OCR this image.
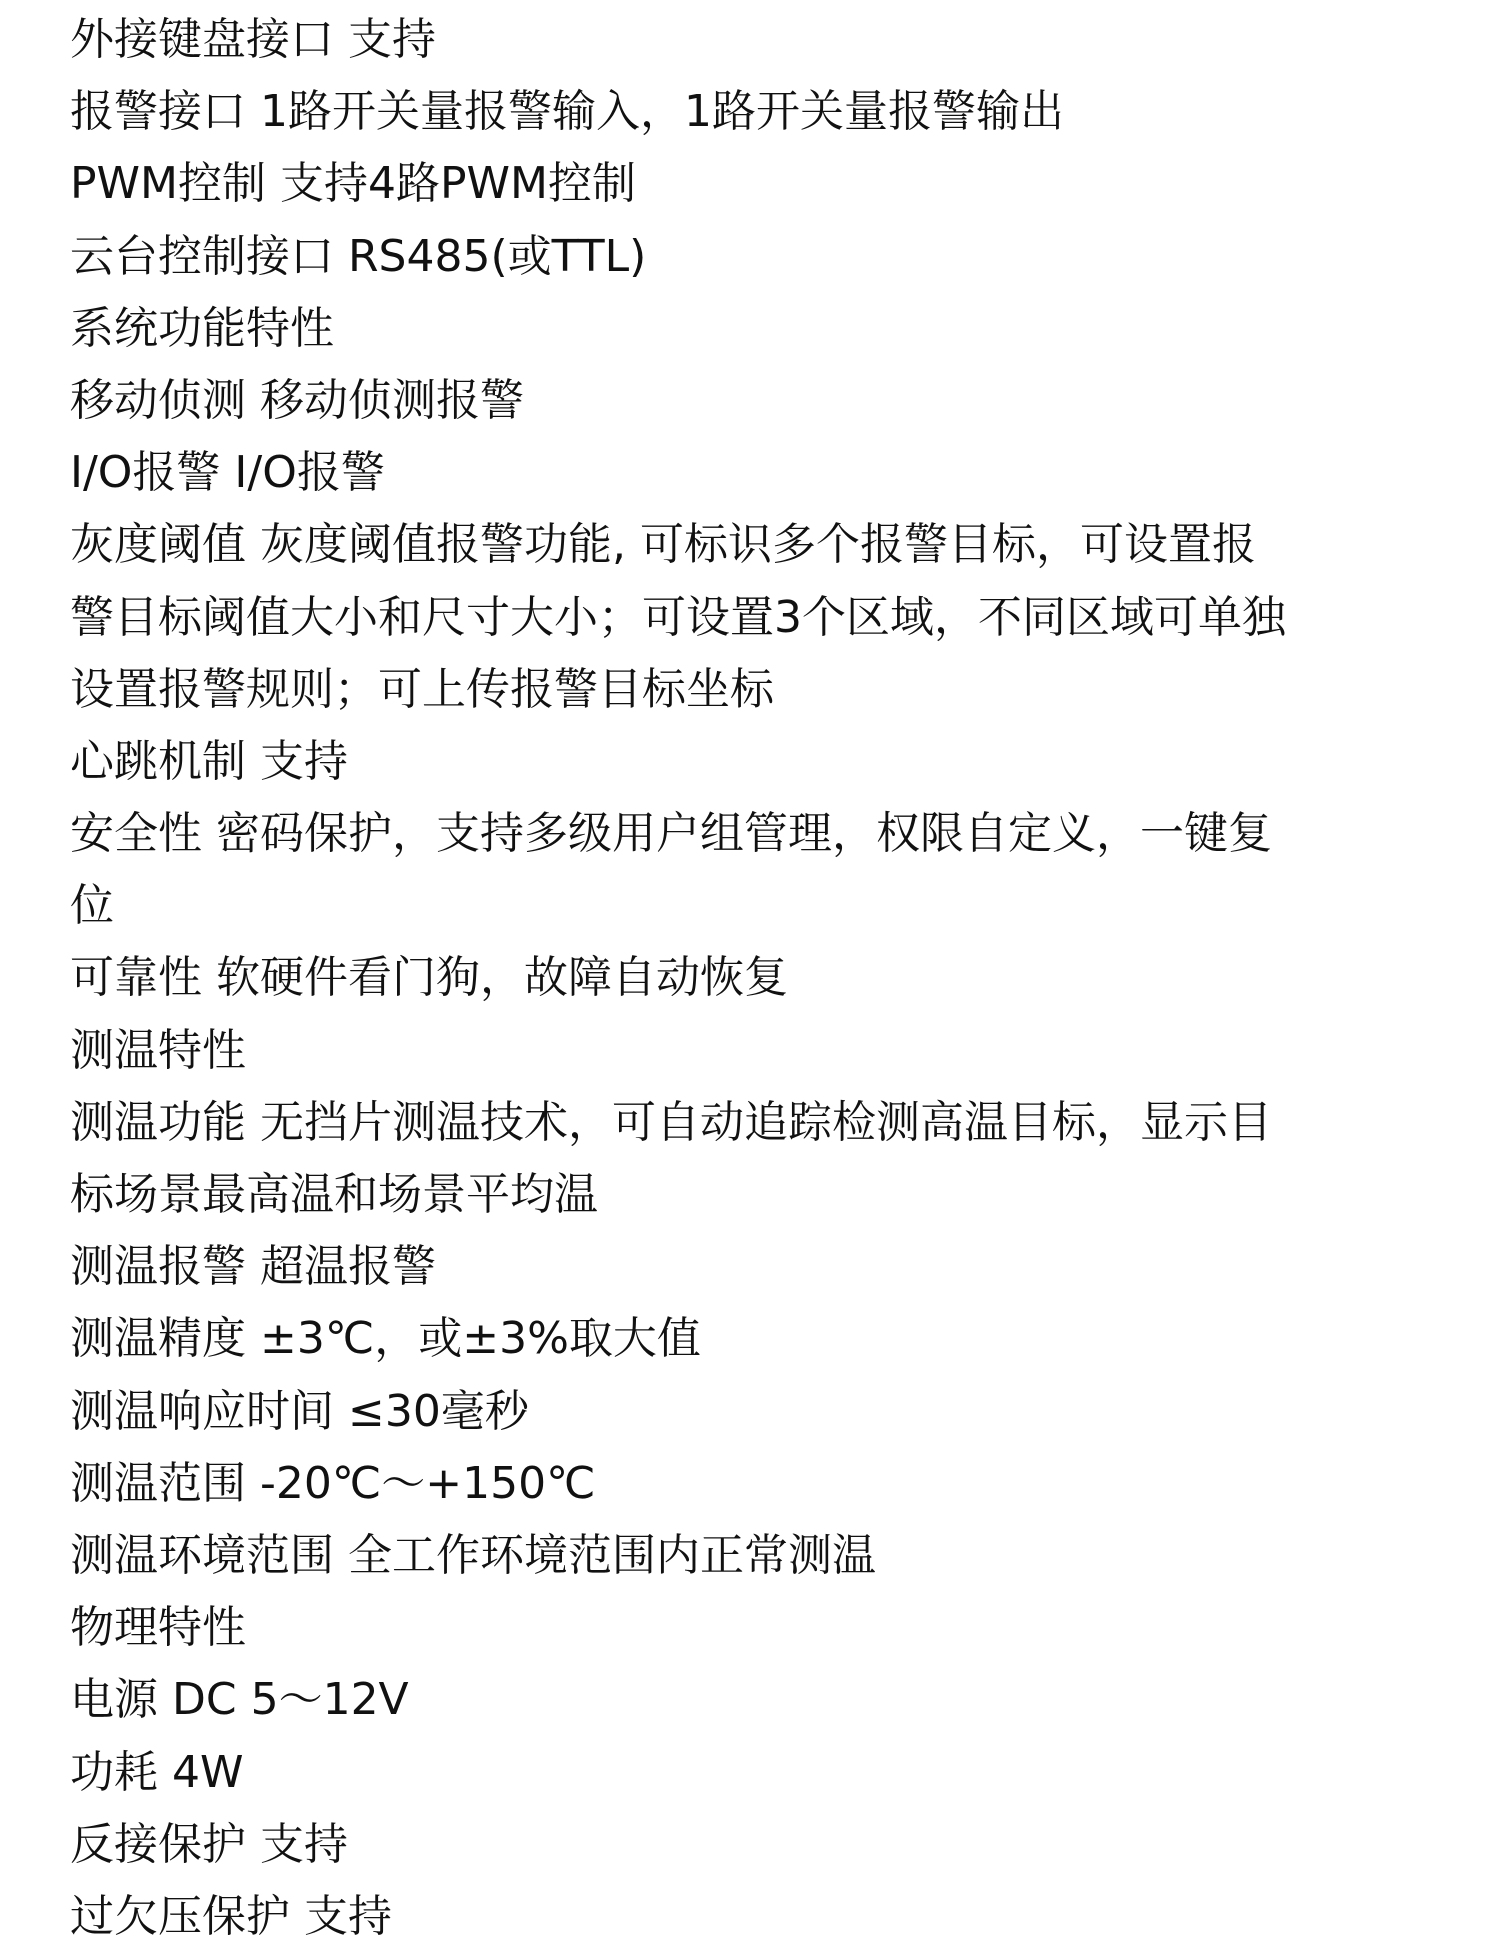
外接键盘接口 支持
报警接口 1路开关量报警输入，1路开关量报警输出
PWM控制 支持4路PWM控制
云台控制接口 RS485(或TTL)
系统功能特性
移动侦测 移动侦测报警
I/O报警 I/O报警
灰度阈值 灰度阈值报警功能, 可标识多个报警目标，可设置报
警目标阈值大小和尺寸大小；可设置3个区域，不同区域可单独
设置报警规则；可上传报警目标坐标
心跳机制 支持
安全性 密码保护，支持多级用户组管理，权限自定义，一键复
位
可靠性 软硬件看门狗，故障自动恢复
测温特性
测温功能 无挡片测温技术，可自动追踪检测高温目标，显示目
标场景最高温和场景平均温
测温报警 超温报警
测温精度 ±3℃，或±3%取大值
测温响应时间 ≤30毫秒
测温范围 -20℃～+150℃
测温环境范围 全工作环境范围内正常测温
物理特性
电源 DC 5～12V
功耗 4W
反接保护 支持
过欠压保护 支持
